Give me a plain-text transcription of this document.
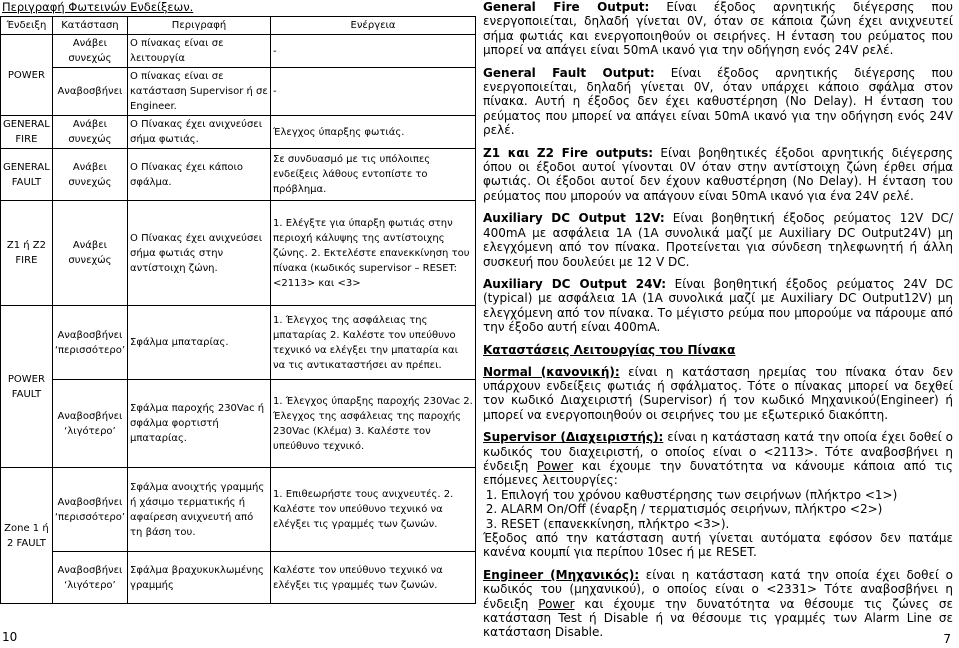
Περιγραφή Φωτεινών Ενδείξεων.
Ένδειξη	Κατάσταση	Περιγραφή	Ενέργεια
POWER	Ανάβει συνεχώς	Ο πίνακας είναι σε λειτουργία	-
	Αναβοσβήνει	Ο πίνακας είναι σε κατάσταση Supervisor ή σε Engineer.	-
GENERAL FIRE	Ανάβει συνεχώς	Ο Πίνακας έχει ανιχνεύσει σήμα φωτιάς.	Έλεγχος ύπαρξης φωτιάς.
GENERAL FAULT	Ανάβει συνεχώς	Ο Πίνακας έχει κάποιο σφάλμα.	Σε συνδυασμό με τις υπόλοιπες ενδείξεις λάθους εντοπίστε το πρόβλημα.
Z1 ή Z2 FIRE	Ανάβει συνεχώς	Ο Πίνακας έχει ανιχνεύσει σήμα φωτιάς στην αντίστοιχη ζώνη.	1. Ελέγξτε για ύπαρξη φωτιάς στην περιοχή κάλυψης της αντίστοιχης ζώνης. 2. Εκτελέστε επανεκκίνηση του πίνακα (κωδικός supervisor – RESET: <2113> και <3>
POWER FAULT	Αναβοσβήνει ‘περισσότερο’	Σφάλμα μπαταρίας.	1. Έλεγχος της ασφάλειας της μπαταρίας 2. Καλέστε τον υπεύθυνο τεχνικό να ελέγξει την μπαταρία και να τις αντικαταστήσει αν πρέπει.
	Αναβοσβήνει ‘λιγότερο’	Σφάλμα παροχής 230Vac ή σφάλμα φορτιστή μπαταρίας.	1. Έλεγχος ύπαρξης παροχής 230Vac 2. Έλεγχος της ασφάλειας της παροχής 230Vac (Κλέμα) 3. Καλέστε τον υπεύθυνο τεχνικό.
Zone 1 ή 2 FAULT	Αναβοσβήνει ‘περισσότερο’	Σφάλμα ανοιχτής γραμμής ή χάσιμο τερματικής ή αφαίρεση ανιχνευτή από τη βάση του.	1. Επιθεωρήστε τους ανιχνευτές. 2. Καλέστε τον υπεύθυνο τεχνικό να ελέγξει τις γραμμές των ζωνών.
	Αναβοσβήνει ‘λιγότερο’	Σφάλμα βραχυκυκλωμένης γραμμής	Καλέστε τον υπεύθυνο τεχνικό να ελέγξει τις γραμμές των ζωνών.
10

General Fire Output: Είναι έξοδος αρνητικής διέγερσης που ενεργοποιείται, δηλαδή γίνεται 0V, όταν σε κάποια ζώνη έχει ανιχνευτεί σήμα φωτιάς και ενεργοποιηθούν οι σειρήνες. Η ένταση του ρεύματος που μπορεί να απάγει είναι 50mA ικανό για την οδήγηση ενός 24V ρελέ.

General Fault Output: Είναι έξοδος αρνητικής διέγερσης που ενεργοποιείται, δηλαδή γίνεται 0V, όταν υπάρχει κάποιο σφάλμα στον πίνακα. Αυτή η έξοδος δεν έχει καθυστέρηση (No Delay). Η ένταση του ρεύματος που μπορεί να απάγει είναι 50mA ικανό για την οδήγηση ενός 24V ρελέ.

Z1 και Z2 Fire outputs: Είναι βοηθητικές έξοδοι αρνητικής διέγερσης όπου οι έξοδοι αυτοί γίνονται 0V όταν στην αντίστοιχη ζώνη έρθει σήμα φωτιάς. Οι έξοδοι αυτοί δεν έχουν καθυστέρηση (No Delay). Η ένταση του ρεύματος που μπορούν να απάγουν είναι 50mA ικανό για ένα 24V ρελέ.

Auxiliary DC Output 12V: Είναι βοηθητική έξοδος ρεύματος 12V DC/ 400mA με ασφάλεια 1Α (1Α συνολικά μαζί με Auxiliary DC Output24V) μη ελεγχόμενη από τον πίνακα. Προτείνεται για σύνδεση τηλεφωνητή ή άλλη συσκευή που δουλεύει με 12 V DC.

Auxiliary DC Output 24V: Είναι βοηθητική έξοδος ρεύματος 24V DC (typical) με ασφάλεια 1Α (1Α συνολικά μαζί με Auxiliary DC Output12V) μη ελεγχόμενη από τον πίνακα. Το μέγιστο ρεύμα που μπορούμε να πάρουμε από την έξοδο αυτή είναι 400mA.

Καταστάσεις Λειτουργίας του Πίνακα

Normal (κανονική): είναι η κατάσταση ηρεμίας του πίνακα όταν δεν υπάρχουν ενδείξεις φωτιάς ή σφάλματος. Τότε ο πίνακας μπορεί να δεχθεί τον κωδικό Διαχειριστή (Supervisor) ή τον κωδικό Μηχανικού(Engineer) ή μπορεί να ενεργοποιηθούν οι σειρήνες του με εξωτερικό διακόπτη.

Supervisor (Διαχειριστής): είναι η κατάσταση κατά την οποία έχει δοθεί ο κωδικός του διαχειριστή, ο οποίος είναι ο <2113>. Τότε αναβοσβήνει η ένδειξη Power και έχουμε την δυνατότητα να κάνουμε κάποια από τις επόμενες λειτουργίες:
1. Επιλογή του χρόνου καθυστέρησης των σειρήνων (πλήκτρο <1>)
2. ALARM On/Off (έναρξη / τερματισμός σειρήνων, πλήκτρο <2>)
3. RESET (επανεκκίνηση, πλήκτρο <3>).
Έξοδος από την κατάσταση αυτή γίνεται αυτόματα εφόσον δεν πατάμε κανένα κουμπί για περίπου 10sec ή με RESET.

Engineer (Μηχανικός): είναι η κατάσταση κατά την οποία έχει δοθεί ο κωδικός του (μηχανικού), ο οποίος είναι ο <2331> Τότε αναβοσβήνει η ένδειξη Power και έχουμε την δυνατότητα να θέσουμε τις ζώνες σε κατάσταση Test ή Disable ή να θέσουμε τις γραμμές των Alarm Line σε κατάσταση Disable.	7
